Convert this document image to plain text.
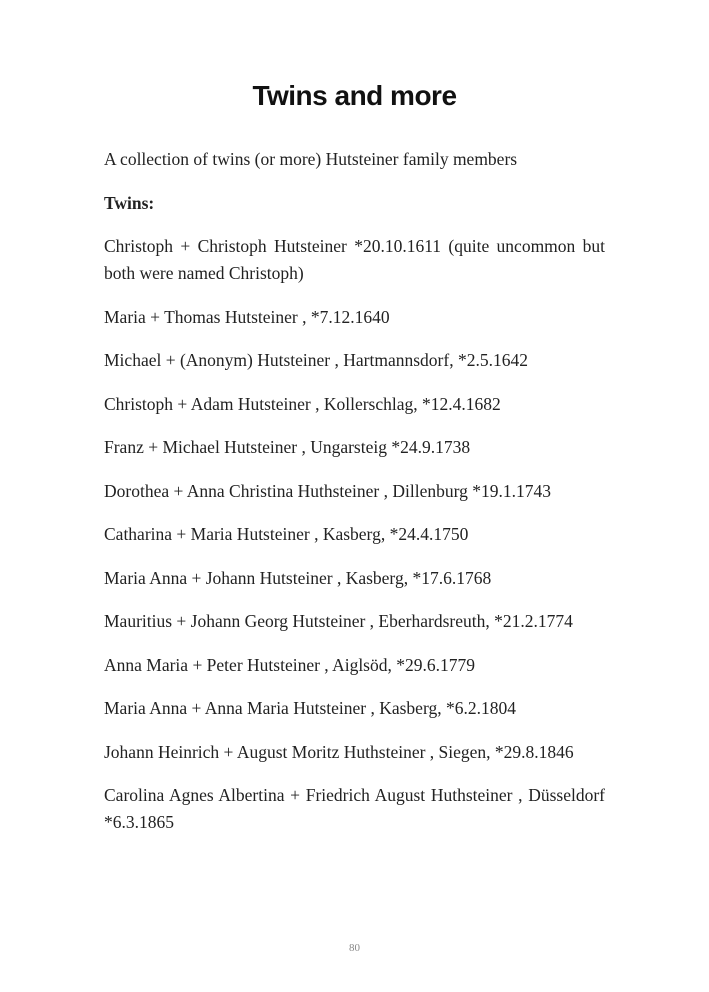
Twins and more

A collection of twins (or more) Hutsteiner family members

Twins:

Christoph + Christoph Hutsteiner *20.10.1611 (quite uncommon but both were named Christoph)

Maria + Thomas Hutsteiner , *7.12.1640

Michael + (Anonym) Hutsteiner , Hartmannsdorf, *2.5.1642

Christoph + Adam Hutsteiner , Kollerschlag, *12.4.1682

Franz + Michael Hutsteiner , Ungarsteig *24.9.1738

Dorothea + Anna Christina Huthsteiner , Dillenburg *19.1.1743

Catharina + Maria Hutsteiner , Kasberg, *24.4.1750

Maria Anna + Johann Hutsteiner , Kasberg, *17.6.1768

Mauritius + Johann Georg Hutsteiner , Eberhardsreuth, *21.2.1774

Anna Maria + Peter Hutsteiner , Aiglsöd, *29.6.1779

Maria Anna + Anna Maria Hutsteiner , Kasberg, *6.2.1804

Johann Heinrich + August Moritz Huthsteiner , Siegen, *29.8.1846

Carolina Agnes Albertina + Friedrich August Huthsteiner , Düsseldorf *6.3.1865

80
